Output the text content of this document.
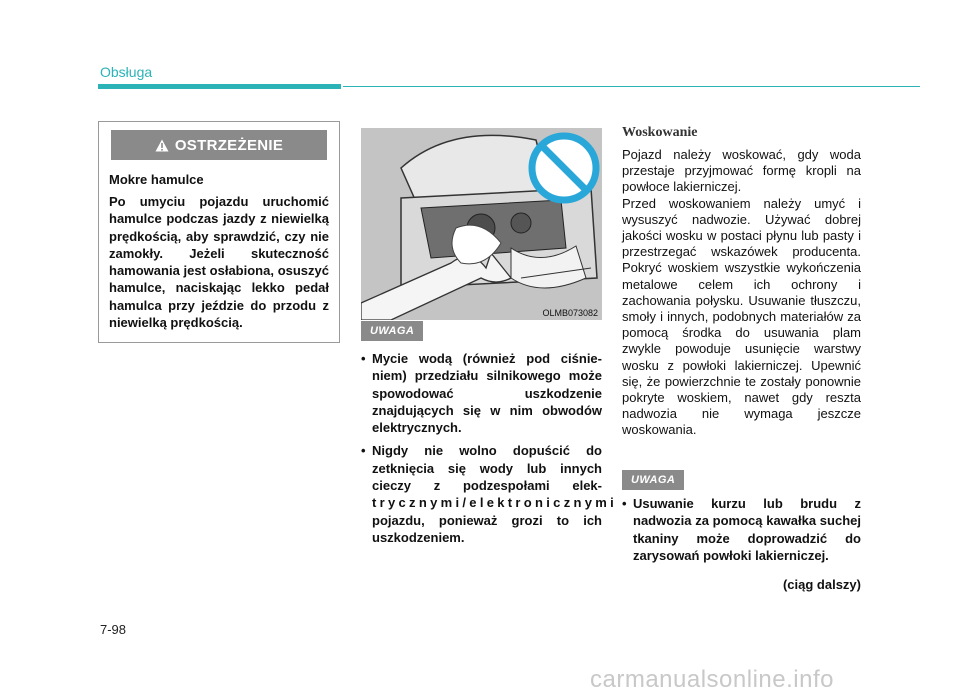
Obsługa
OSTRZEŻENIE
Mokre hamulce
Po umyciu pojazdu uruchomić hamulce podczas jazdy z niewielką prędkością, aby sprawdzić, czy nie zamokły. Jeżeli skuteczność hamowania jest osłabiona, osuszyć hamulce, naciskając lekko pedał hamulca przy jeździe do przodu z niewielką prędkością.
OLMB073082
UWAGA
• Mycie wodą (również pod ciśnieniem) przedziału silnikowego może spowodować uszkodzenie znajdujących się w nim obwodów elektrycznych.
• Nigdy nie wolno dopuścić do zetknięcia się wody lub innych cieczy z podzespołami elek- trycznymi/elektronicznymi pojazdu, ponieważ grozi to ich uszkodzeniem.
Woskowanie

Pojazd należy woskować, gdy woda przestaje przyjmować formę kropli na powłoce lakierniczej.

Przed woskowaniem należy umyć i wysuszyć nadwozie. Używać dobrej jakości wosku w postaci płynu lub pasty i przestrzegać wskazówek producenta. Pokryć woskiem wszystkie wykończenia metalowe celem ich ochrony i zachowania połysku. Usuwanie tłuszczu, smoły i innych, podobnych materiałów za pomocą środka do usuwania plam zwykle powoduje usunięcie warstwy wosku z powłoki lakierniczej. Upewnić się, że powierzchnie te zostały ponownie pokryte woskiem, nawet gdy reszta nadwozia nie wymaga jeszcze woskowania.

UWAGA
• Usuwanie kurzu lub brudu z nadwozia za pomocą kawałka suchej tkaniny może doprowadzić do zarysowań powłoki lakierniczej.
(ciąg dalszy)
7-98
carmanualsonline.info
